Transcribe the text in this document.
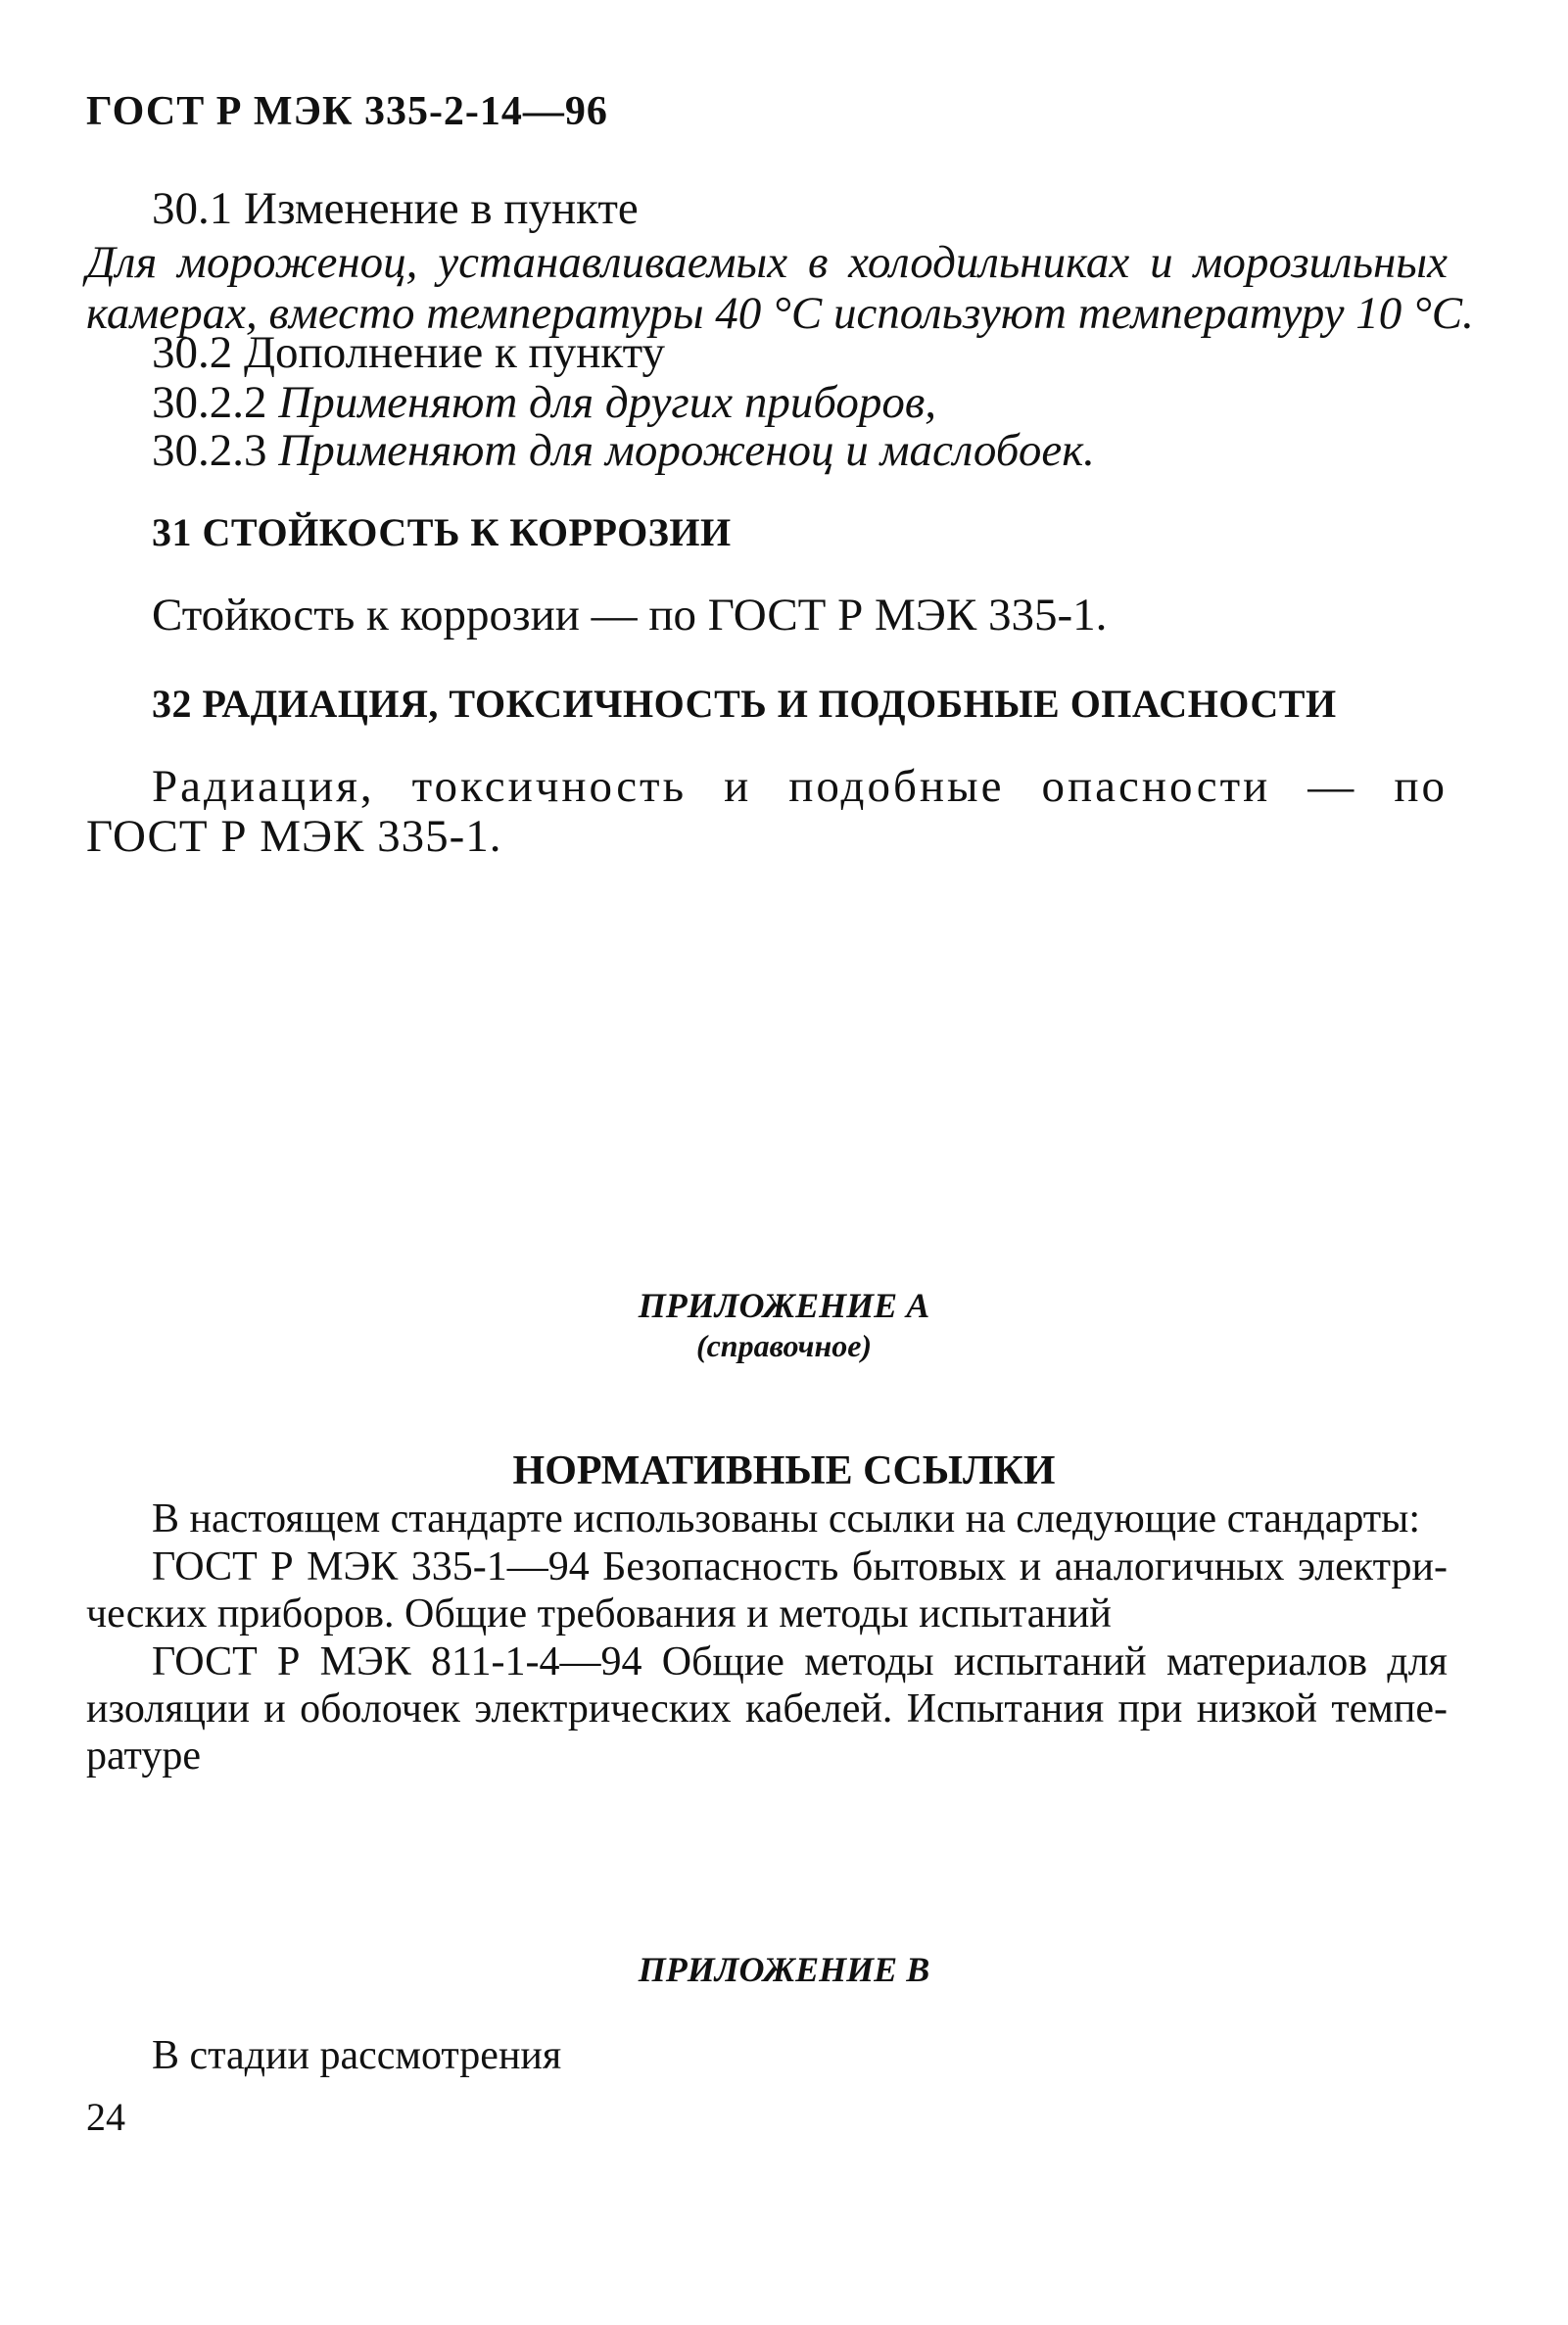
ГОСТ Р МЭК 335-2-14—96
30.1 Изменение в пункте
Для мороженоц, устанавливаемых в холодильниках и морозильных
камерах, вместо температуры 40 °С используют температуру 10 °С.
30.2 Дополнение к пункту
30.2.2 Применяют для других приборов,
30.2.3 Применяют для мороженоц и маслобоек.
31 СТОЙКОСТЬ К КОРРОЗИИ
Стойкость к коррозии — по ГОСТ Р МЭК 335-1.
32 РАДИАЦИЯ, ТОКСИЧНОСТЬ И ПОДОБНЫЕ ОПАСНОСТИ
Радиация, токсичность и подобные опасности — по
ГОСТ Р МЭК 335-1.
ПРИЛОЖЕНИЕ А
(справочное)
НОРМАТИВНЫЕ ССЫЛКИ
В настоящем стандарте использованы ссылки на следующие стандарты:
ГОСТ Р МЭК 335-1—94 Безопасность бытовых и аналогичных электри-
ческих приборов. Общие требования и методы испытаний
ГОСТ Р МЭК 811-1-4—94 Общие методы испытаний материалов для
изоляции и оболочек электрических кабелей. Испытания при низкой темпе-
ратуре
ПРИЛОЖЕНИЕ В
В стадии рассмотрения
24
